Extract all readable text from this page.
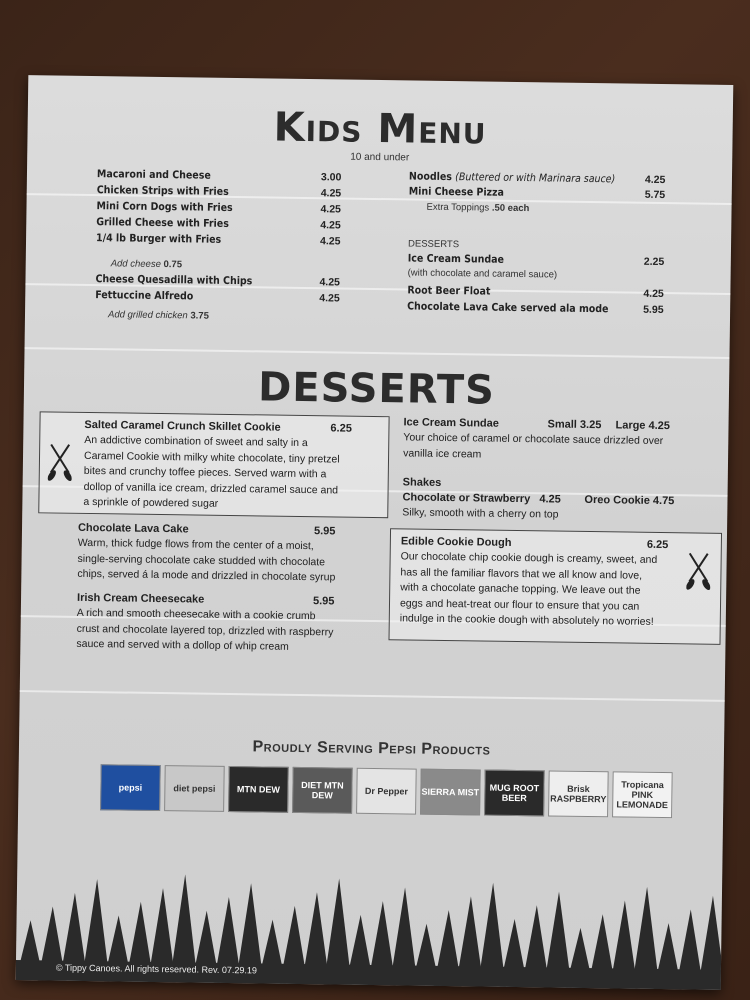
Kids Menu
10 and under
Macaroni and Cheese	3.00
Chicken Strips with Fries	4.25
Mini Corn Dogs with Fries	4.25
Grilled Cheese with Fries	4.25
1/4 lb Burger with Fries	4.25
Cheese Quesadilla with Chips	4.25
Fettuccine Alfredo	4.25
Add cheese 0.75
Add grilled chicken 3.75
Noodles (Buttered or with Marinara sauce)	4.25
Mini Cheese Pizza	5.75
Extra Toppings .50 each
DESSERTS
Ice Cream Sundae	2.25
(with chocolate and caramel sauce)
Root Beer Float	4.25
Chocolate Lava Cake served ala mode	5.95
DESSERTS
Salted Caramel Crunch Skillet Cookie	6.25
An addictive combination of sweet and salty in a
Caramel Cookie with milky white chocolate, tiny pretzel
bites and crunchy toffee pieces. Served warm with a
dollop of vanilla ice cream, drizzled caramel sauce and
a sprinkle of powdered sugar
Chocolate Lava Cake	5.95
Warm, thick fudge flows from the center of a moist,
single-serving chocolate cake studded with chocolate
chips, served á la mode and drizzled in chocolate syrup
Irish Cream Cheesecake	5.95
A rich and smooth cheesecake with a cookie crumb
crust and chocolate layered top, drizzled with raspberry
sauce and served with a dollop of whip cream
Ice Cream Sundae	Small 3.25 Large 4.25
Your choice of caramel or chocolate sauce drizzled over
vanilla ice cream
Shakes
Chocolate or Strawberry 4.25 Oreo Cookie 4.75
Silky, smooth with a cherry on top
Edible Cookie Dough	6.25
Our chocolate chip cookie dough is creamy, sweet, and
has all the familiar flavors that we all know and love,
with a chocolate ganache topping. We leave out the
eggs and heat-treat our flour to ensure that you can
indulge in the cookie dough with absolutely no worries!
Proudly Serving Pepsi Products
pepsi	diet pepsi	MTN DEW	DIET MTN DEW	Dr Pepper	SIERRA MIST	MUG ROOT BEER
Brisk RASPBERRY
Tropicana PINK LEMONADE
© Tippy Canoes. All rights reserved. Rev. 07.29.19
